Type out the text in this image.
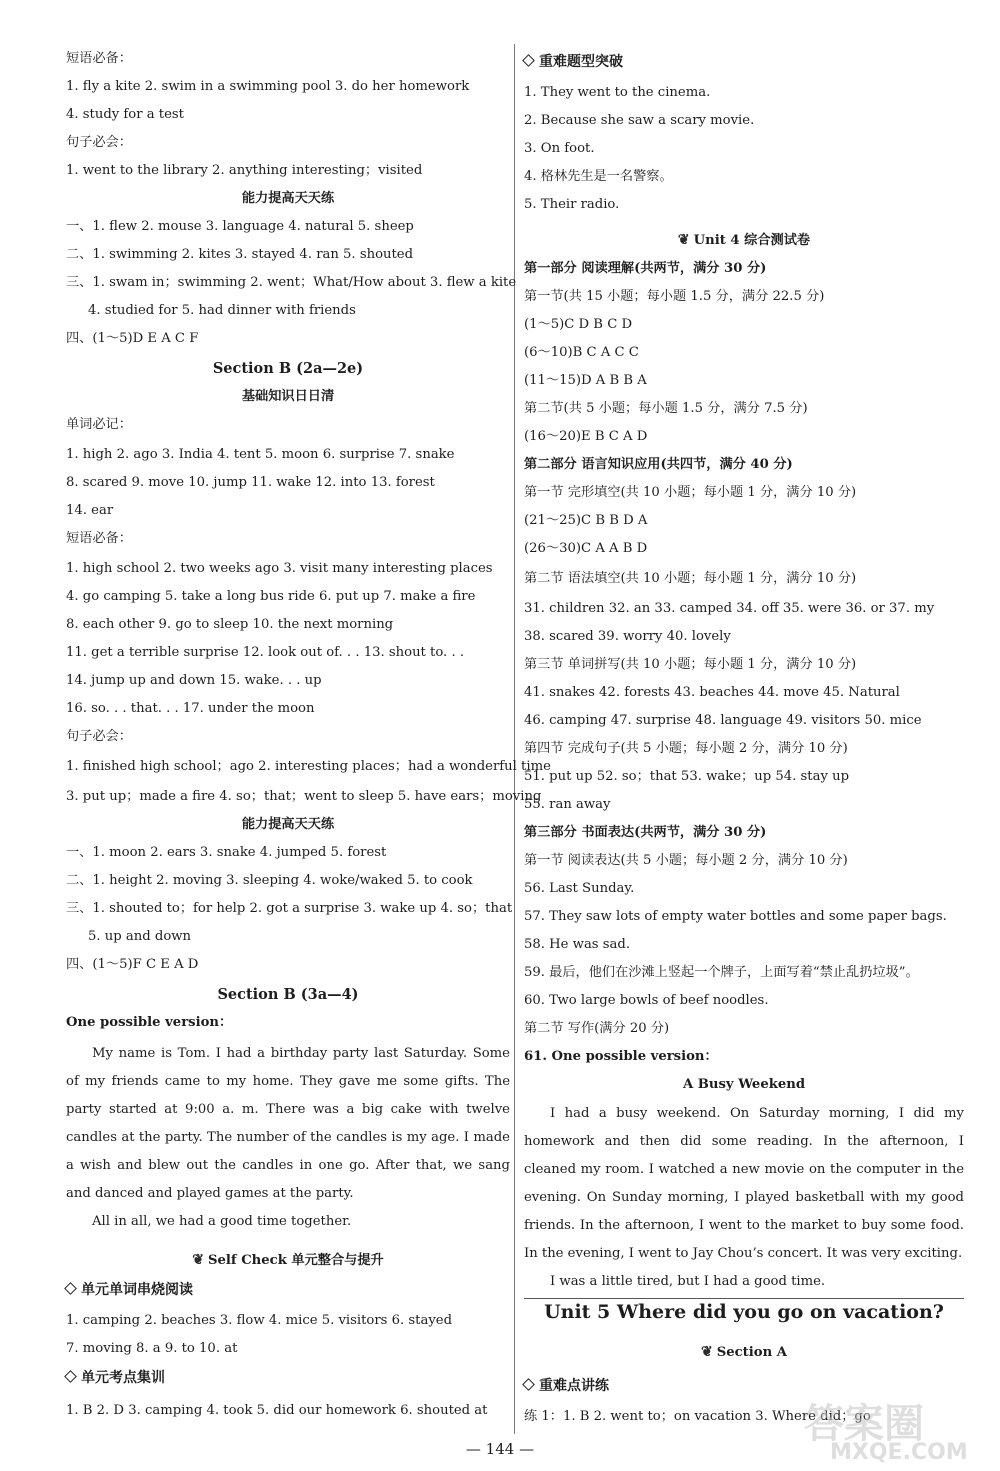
短语必备：
1. fly a kite 2. swim in a swimming pool 3. do her homework
4. study for a test
句子必会：
1. went to the library 2. anything interesting；visited
能力提高天天练
一、1. flew 2. mouse 3. language 4. natural 5. sheep
二、1. swimming 2. kites 3. stayed 4. ran 5. shouted
三、1. swam in；swimming 2. went；What/How about 3. flew a kite
4. studied for 5. had dinner with friends
四、(1～5)D E A C F
Section B (2a—2e)
基础知识日日清
单词必记：
1. high 2. ago 3. India 4. tent 5. moon 6. surprise 7. snake
8. scared 9. move 10. jump 11. wake 12. into 13. forest
14. ear
短语必备：
1. high school 2. two weeks ago 3. visit many interesting places
4. go camping 5. take a long bus ride 6. put up 7. make a fire
8. each other 9. go to sleep 10. the next morning
11. get a terrible surprise 12. look out of. . . 13. shout to. . .
14. jump up and down 15. wake. . . up
16. so. . . that. . . 17. under the moon
句子必会：
1. finished high school；ago 2. interesting places；had a wonderful time
3. put up；made a fire 4. so；that；went to sleep 5. have ears；moving
能力提高天天练
一、1. moon 2. ears 3. snake 4. jumped 5. forest
二、1. height 2. moving 3. sleeping 4. woke/waked 5. to cook
三、1. shouted to；for help 2. got a surprise 3. wake up 4. so；that
5. up and down
四、(1～5)F C E A D
Section B (3a—4)
One possible version：

My name is Tom. I had a birthday party last Saturday. Some of my friends came to my home. They gave me some gifts. The party started at 9:00 a. m. There was a big cake with twelve candles at the party. The number of the candles is my age. I made a wish and blew out the candles in one go. After that, we sang and danced and played games at the party.

All in all, we had a good time together.

❦ Self Check 单元整合与提升
单元单词串烧阅读
1. camping 2. beaches 3. flow 4. mice 5. visitors 6. stayed
7. moving 8. a 9. to 10. at
单元考点集训
1. B 2. D 3. camping 4. took 5. did our homework 6. shouted at
重难题型突破
1. They went to the cinema.
2. Because she saw a scary movie.
3. On foot.
4. 格林先生是一名警察。
5. Their radio.
第一部分 阅读理解(共两节，满分 30 分)
第一节(共 15 小题；每小题 1.5 分，满分 22.5 分)
(1～5)C D B C D
(6～10)B C A C C
(11～15)D A B B A
第二节(共 5 小题；每小题 1.5 分，满分 7.5 分)
(16～20)E B C A D
第二部分 语言知识应用(共四节，满分 40 分)
第一节 完形填空(共 10 小题；每小题 1 分，满分 10 分)
(21～25)C B B D A
(26～30)C A A B D
第二节 语法填空(共 10 小题；每小题 1 分，满分 10 分)
31. children 32. an 33. camped 34. off 35. were 36. or 37. my
38. scared 39. worry 40. lovely
第三节 单词拼写(共 10 小题；每小题 1 分，满分 10 分)
41. snakes 42. forests 43. beaches 44. move 45. Natural
46. camping 47. surprise 48. language 49. visitors 50. mice
第四节 完成句子(共 5 小题；每小题 2 分，满分 10 分)
51. put up 52. so；that 53. wake；up 54. stay up
55. ran away
第三部分 书面表达(共两节，满分 30 分)
第一节 阅读表达(共 5 小题；每小题 2 分，满分 10 分)
56. Last Sunday.
57. They saw lots of empty water bottles and some paper bags.
58. He was sad.
59. 最后，他们在沙滩上竖起一个牌子，上面写着“禁止乱扔垃圾”。
60. Two large bowls of beef noodles.
第二节 写作(满分 20 分)
61. One possible version：
A Busy Weekend
❦ Unit 4 综合测试卷

I had a busy weekend. On Saturday morning, I did my homework and then did some reading. In the afternoon, I cleaned my room. I watched a new movie on the computer in the evening. On Sunday morning, I played basketball with my good friends. In the afternoon, I went to the market to buy some food. In the evening, I went to Jay Chou’s concert. It was very exciting.

I was a little tired, but I had a good time.

Unit 5 Where did you go on vacation?
❦ Section A
重难点讲练
练 1：1. B 2. went to；on vacation 3. Where did；go
— 144 —
答案圈
MXQE.COM
